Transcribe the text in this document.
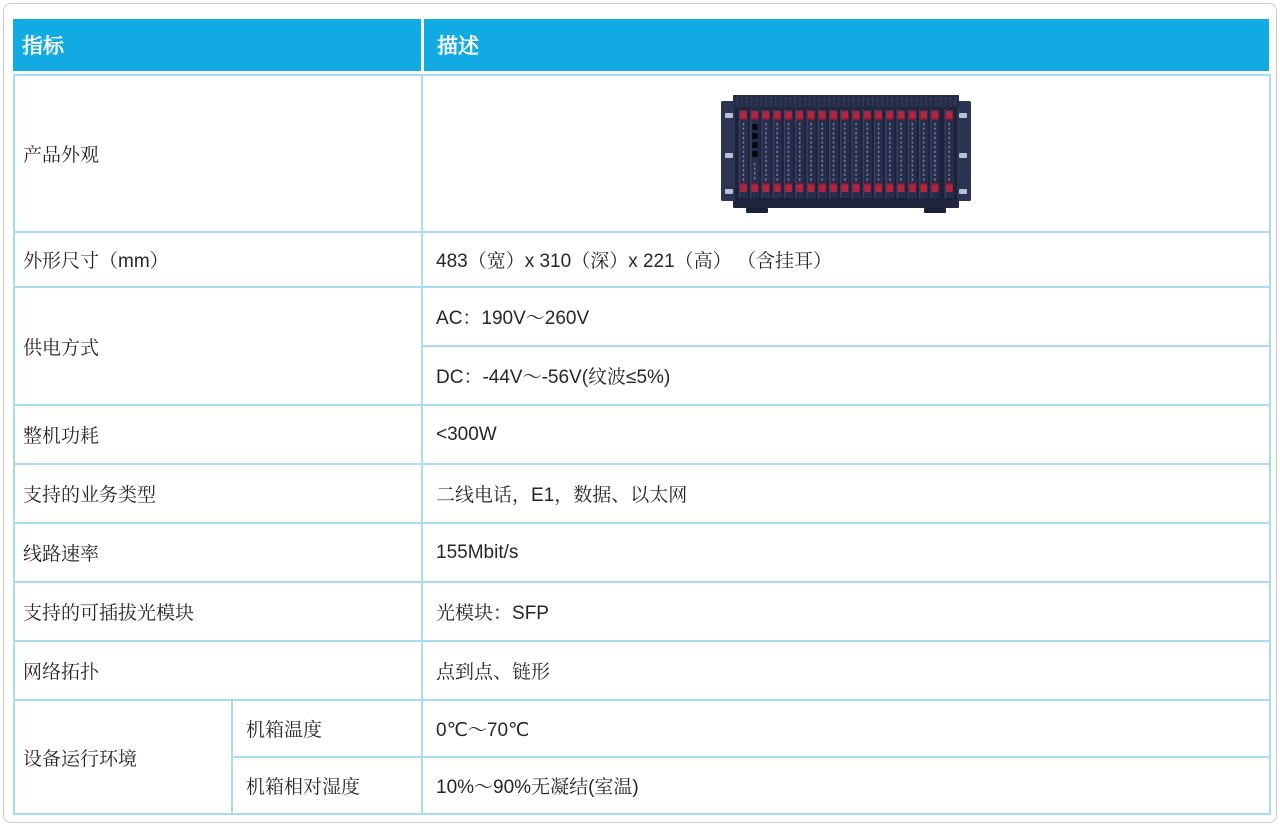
指标	描述
产品外观	

外形尺寸（mm）		483（宽）x 310（深）x 221（高） （含挂耳）
供电方式		AC：190V～260V
		DC：-44V～-56V(纹波≤5%)
整机功耗		<300W
支持的业务类型		二线电话，E1，数据、以太网
线路速率		155Mbit/s
支持的可插拔光模块		光模块：SFP
网络拓扑		点到点、链形
设备运行环境	机箱温度	0℃～70℃
	机箱相对湿度	10%～90%无凝结(室温)
